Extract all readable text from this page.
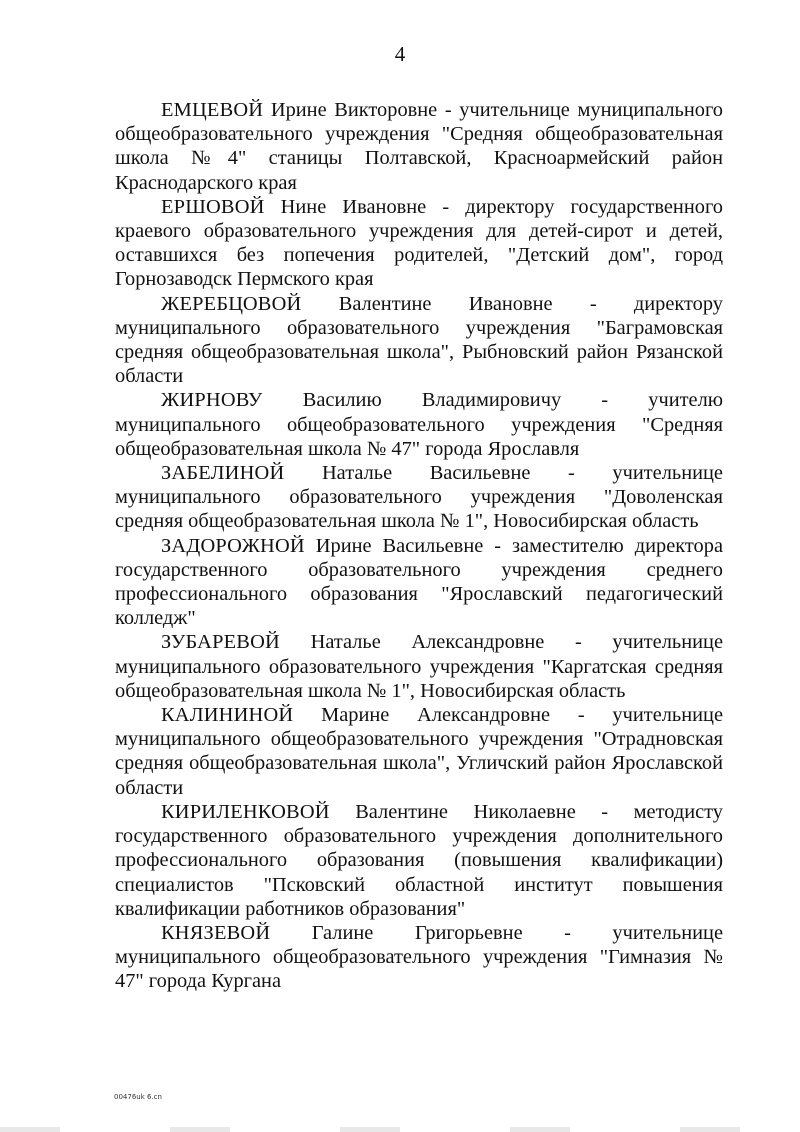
4

ЕМЦЕВОЙ Ирине Викторовне - учительнице муниципального общеобразовательного учреждения "Средняя общеобразовательная школа №4" станицы Полтавской, Красноармейский район Краснодарского края

ЕРШОВОЙ Нине Ивановне - директору государственного краевого образовательного учреждения для детей-сирот и детей, оставшихся без попечения родителей, "Детский дом", город Горнозаводск Пермского края

ЖЕРЕБЦОВОЙ Валентине Ивановне - директору муниципального образовательного учреждения "Баграмовская средняя общеобразовательная школа", Рыбновский район Рязанской области

ЖИРНОВУ Василию Владимировичу - учителю муниципального общеобразовательного учреждения "Средняя общеобразовательная школа № 47" города Ярославля

ЗАБЕЛИНОЙ Наталье Васильевне - учительнице муниципального образовательного учреждения "Доволенская средняя общеобразовательная школа № 1", Новосибирская область

ЗАДОРОЖНОЙ Ирине Васильевне - заместителю директора государственного образовательного учреждения среднего профессионального образования "Ярославский педагогический колледж"

ЗУБАРЕВОЙ Наталье Александровне - учительнице муниципального образовательного учреждения "Каргатская средняя общеобразовательная школа № 1", Новосибирская область

КАЛИНИНОЙ Марине Александровне - учительнице муниципального общеобразовательного учреждения "Отрадновская средняя общеобразовательная школа", Угличский район Ярославской области

КИРИЛЕНКОВОЙ Валентине Николаевне - методисту государственного образовательного учреждения дополнительного профессионального образования (повышения квалификации) специалистов "Псковский областной институт повышения квалификации работников образования"

КНЯЗЕВОЙ Галине Григорьевне - учительнице муниципального общеобразовательного учреждения "Гимназия № 47" города Кургана

00476uk 6.cn
